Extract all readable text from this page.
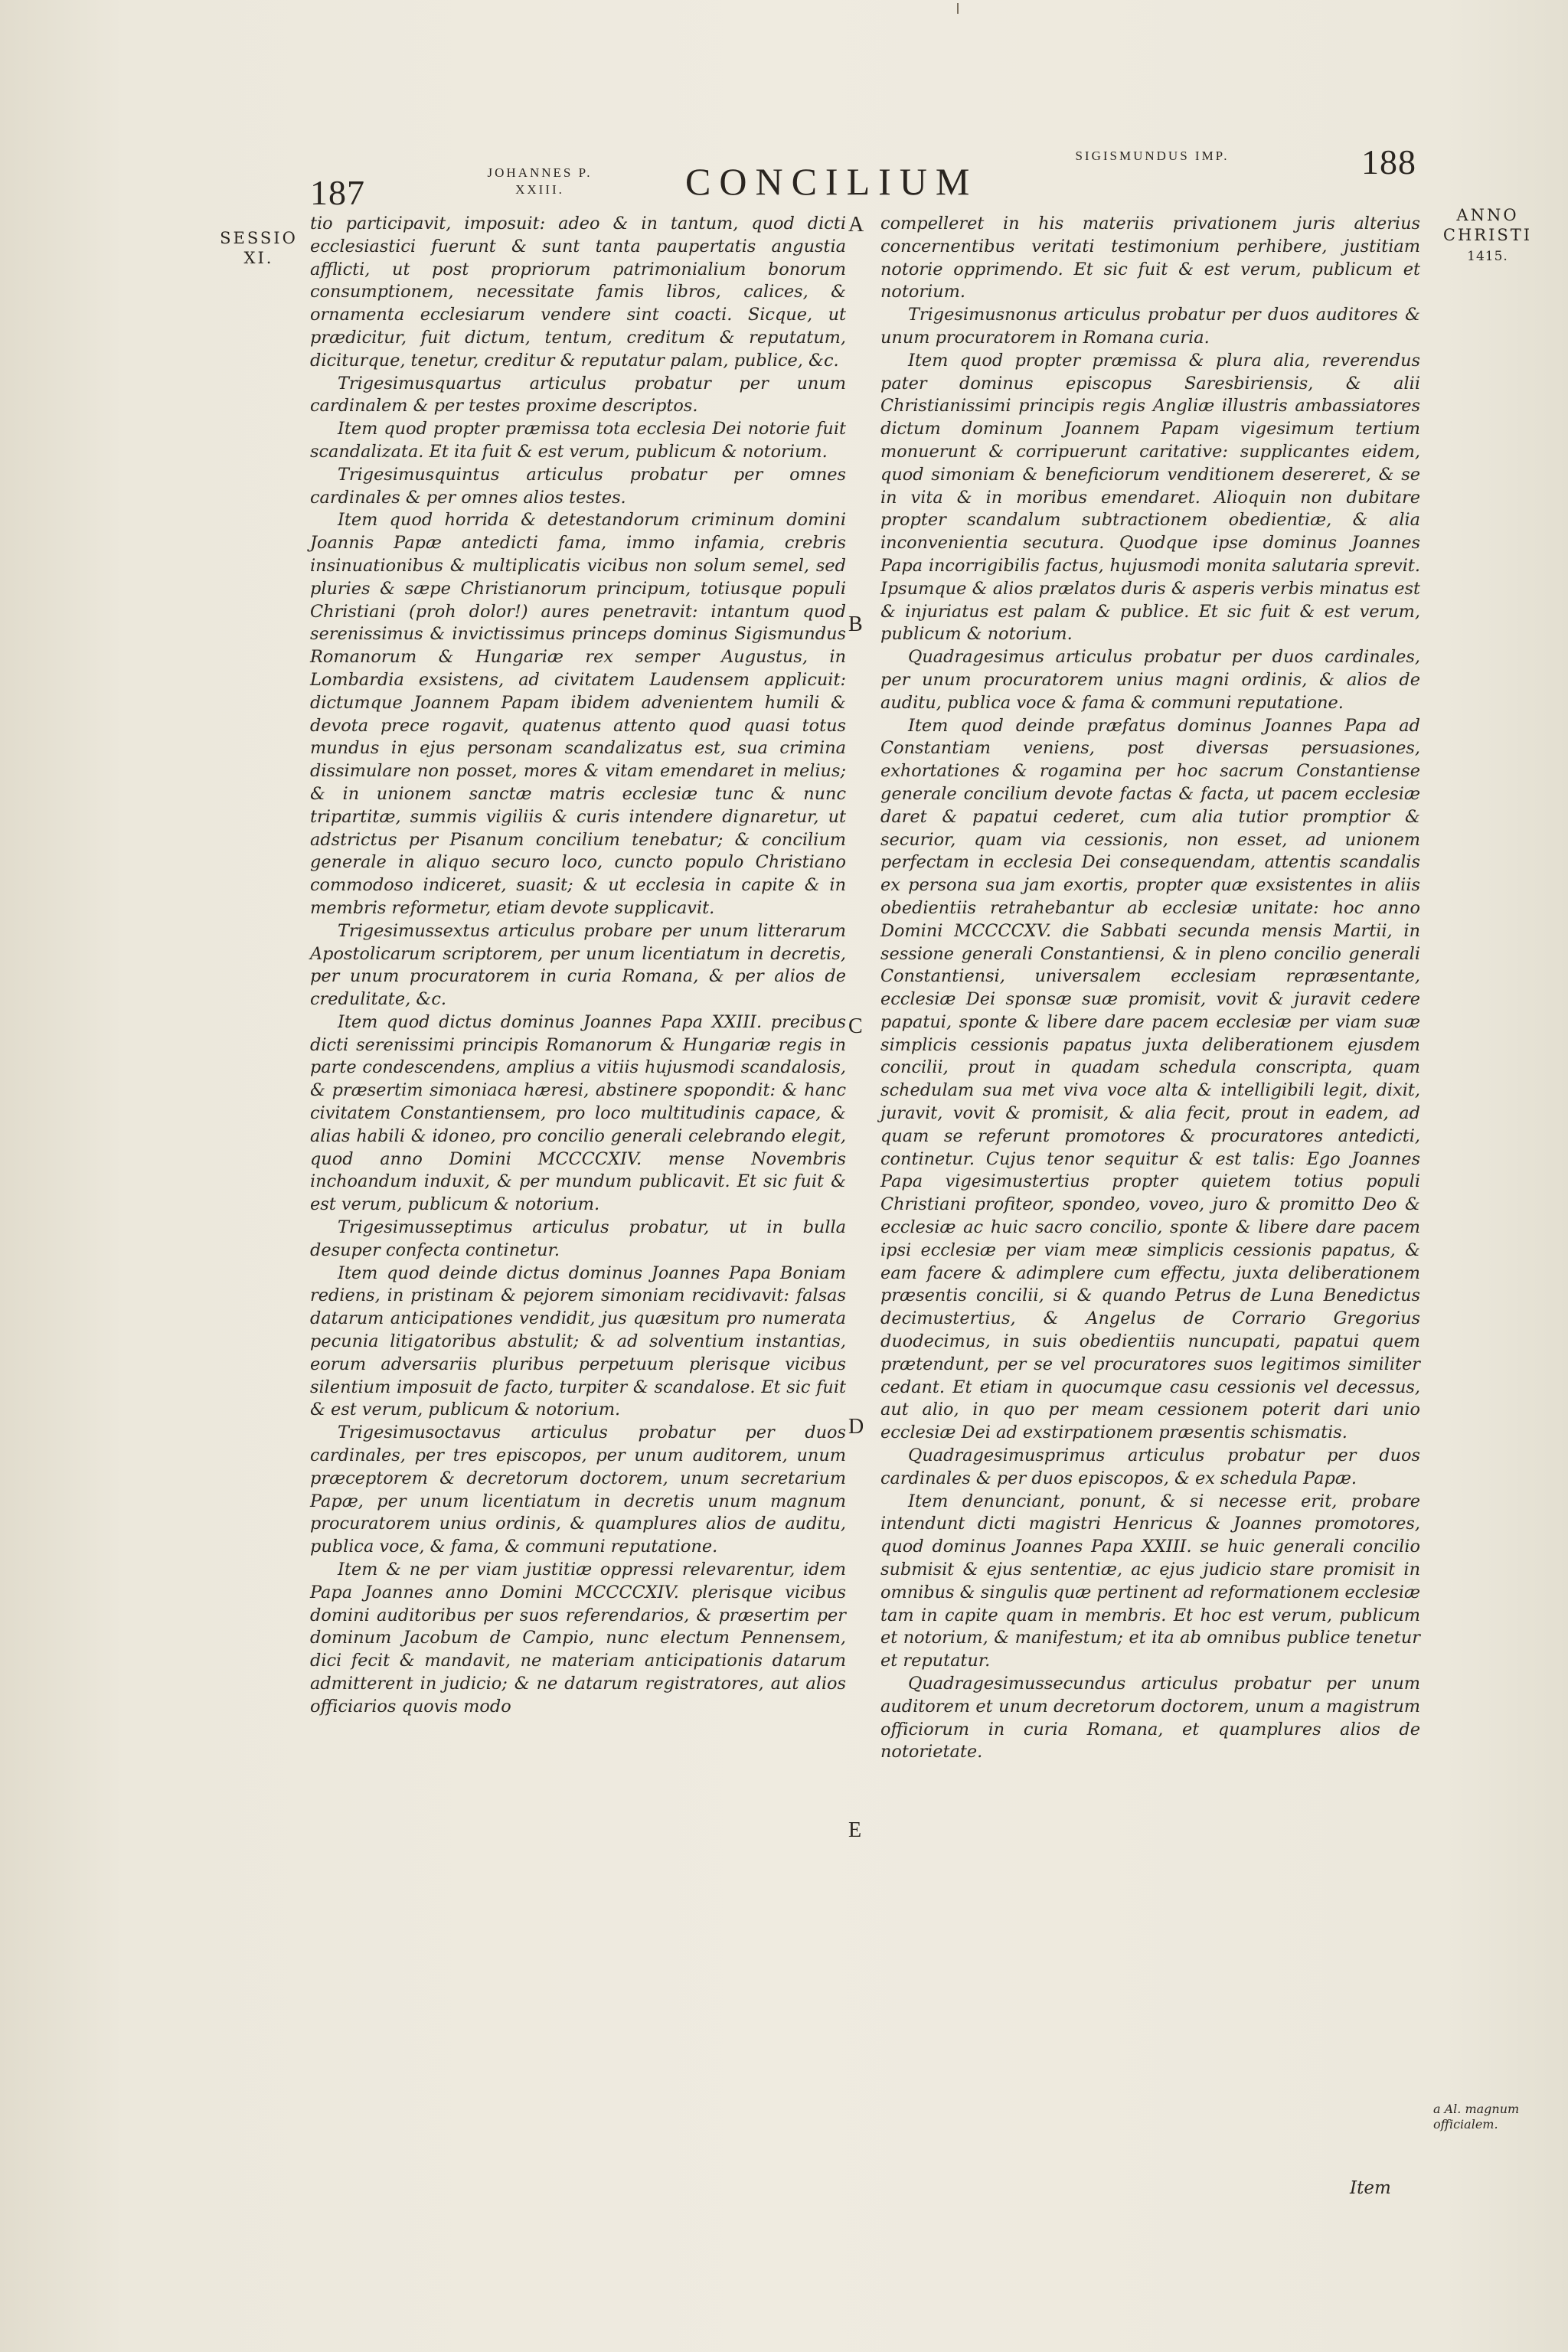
187
JOHANNES P. XXIII.	CONCILIUM
SIGISMUNDUS IMP.	188
SESSIO
XI.
ANNO
CHRISTI
1415.

tio participavit, imposuit: adeo & in tantum, quod dicti ecclesiastici fuerunt & sunt tanta paupertatis angustia afflicti, ut post propriorum patrimonialium bonorum consumptionem, necessitate famis libros, calices, & ornamenta ecclesiarum vendere sint coacti. Sicque, ut prædicitur, fuit dictum, tentum, creditum & reputatum, diciturque, tenetur, creditur & reputatur palam, publice, &c.

Trigesimusquartus articulus probatur per unum cardinalem & per testes proxime descriptos.

Item quod propter præmissa tota ecclesia Dei notorie fuit scandalizata. Et ita fuit & est verum, publicum & notorium.

Trigesimusquintus articulus probatur per omnes cardinales & per omnes alios testes.

Item quod horrida & detestandorum criminum domini Joannis Papæ antedicti fama, immo infamia, crebris insinuationibus & multiplicatis vicibus non solum semel, sed pluries & sæpe Christianorum principum, totiusque populi Christiani (proh dolor!) aures penetravit: intantum quod serenissimus & invictissimus princeps dominus Sigismundus Romanorum & Hungariæ rex semper Augustus, in Lombardia exsistens, ad civitatem Laudensem applicuit: dictumque Joannem Papam ibidem advenientem humili & devota prece rogavit, quatenus attento quod quasi totus mundus in ejus personam scandalizatus est, sua crimina dissimulare non posset, mores & vitam emendaret in melius; & in unionem sanctæ matris ecclesiæ tunc & nunc tripartitæ, summis vigiliis & curis intendere dignaretur, ut adstrictus per Pisanum concilium tenebatur; & concilium generale in aliquo securo loco, cuncto populo Christiano commodoso indiceret, suasit; & ut ecclesia in capite & in membris reformetur, etiam devote supplicavit.

Trigesimussextus articulus probare per unum litterarum Apostolicarum scriptorem, per unum licentiatum in decretis, per unum procuratorem in curia Romana, & per alios de credulitate, &c.

Item quod dictus dominus Joannes Papa XXIII. precibus dicti serenissimi principis Romanorum & Hungariæ regis in parte condescendens, amplius a vitiis hujusmodi scandalosis, & præsertim simoniaca hæresi, abstinere spopondit: & hanc civitatem Constantiensem, pro loco multitudinis capace, & alias habili & idoneo, pro concilio generali celebrando elegit, quod anno Domini MCCCCXIV. mense Novembris inchoandum induxit, & per mundum publicavit. Et sic fuit & est verum, publicum & notorium.

Trigesimusseptimus articulus probatur, ut in bulla desuper confecta continetur.

Item quod deinde dictus dominus Joannes Papa Boniam rediens, in pristinam & pejorem simoniam recidivavit: falsas datarum anticipationes vendidit, jus quæsitum pro numerata pecunia litigatoribus abstulit; & ad solventium instantias, eorum adversariis pluribus perpetuum plerisque vicibus silentium imposuit de facto, turpiter & scandalose. Et sic fuit & est verum, publicum & notorium.

Trigesimusoctavus articulus probatur per duos cardinales, per tres episcopos, per unum auditorem, unum præceptorem & decretorum doctorem, unum secretarium Papæ, per unum licentiatum in decretis unum magnum procuratorem unius ordinis, & quamplures alios de auditu, publica voce, & fama, & communi reputatione.

Item & ne per viam justitiæ oppressi relevarentur, idem Papa Joannes anno Domini MCCCCXIV. plerisque vicibus domini auditoribus per suos referendarios, & præsertim per dominum Jacobum de Campio, nunc electum Pennensem, dici fecit & mandavit, ne materiam anticipationis datarum admitterent in judicio; & ne datarum registratores, aut alios officiarios quovis modo

A
B
C
D
E

compelleret in his materiis privationem juris alterius concernentibus veritati testimonium perhibere, justitiam notorie opprimendo. Et sic fuit & est verum, publicum et notorium.

Trigesimusnonus articulus probatur per duos auditores & unum procuratorem in Romana curia.

Item quod propter præmissa & plura alia, reverendus pater dominus episcopus Saresbiriensis, & alii Christianissimi principis regis Angliæ illustris ambassiatores dictum dominum Joannem Papam vigesimum tertium monuerunt & corripuerunt caritative: supplicantes eidem, quod simoniam & beneficiorum venditionem desereret, & se in vita & in moribus emendaret. Alioquin non dubitare propter scandalum subtractionem obedientiæ, & alia inconvenientia secutura. Quodque ipse dominus Joannes Papa incorrigibilis factus, hujusmodi monita salutaria sprevit. Ipsumque & alios prælatos duris & asperis verbis minatus est & injuriatus est palam & publice. Et sic fuit & est verum, publicum & notorium.

Quadragesimus articulus probatur per duos cardinales, per unum procuratorem unius magni ordinis, & alios de auditu, publica voce & fama & communi reputatione.

Item quod deinde præfatus dominus Joannes Papa ad Constantiam veniens, post diversas persuasiones, exhortationes & rogamina per hoc sacrum Constantiense generale concilium devote factas & facta, ut pacem ecclesiæ daret & papatui cederet, cum alia tutior promptior & securior, quam via cessionis, non esset, ad unionem perfectam in ecclesia Dei consequendam, attentis scandalis ex persona sua jam exortis, propter quæ exsistentes in aliis obedientiis retrahebantur ab ecclesiæ unitate: hoc anno Domini MCCCCXV. die Sabbati secunda mensis Martii, in sessione generali Constantiensi, & in pleno concilio generali Constantiensi, universalem ecclesiam repræsentante, ecclesiæ Dei sponsæ suæ promisit, vovit & juravit cedere papatui, sponte & libere dare pacem ecclesiæ per viam suæ simplicis cessionis papatus juxta deliberationem ejusdem concilii, prout in quadam schedula conscripta, quam schedulam sua met viva voce alta & intelligibili legit, dixit, juravit, vovit & promisit, & alia fecit, prout in eadem, ad quam se referunt promotores & procuratores antedicti, continetur. Cujus tenor sequitur & est talis: Ego Joannes Papa vigesimustertius propter quietem totius populi Christiani profiteor, spondeo, voveo, juro & promitto Deo & ecclesiæ ac huic sacro concilio, sponte & libere dare pacem ipsi ecclesiæ per viam meæ simplicis cessionis papatus, & eam facere & adimplere cum effectu, juxta deliberationem præsentis concilii, si & quando Petrus de Luna Benedictus decimustertius, & Angelus de Corrario Gregorius duodecimus, in suis obedientiis nuncupati, papatui quem prætendunt, per se vel procuratores suos legitimos similiter cedant. Et etiam in quocumque casu cessionis vel decessus, aut alio, in quo per meam cessionem poterit dari unio ecclesiæ Dei ad exstirpationem præsentis schismatis.

Quadragesimusprimus articulus probatur per duos cardinales & per duos episcopos, & ex schedula Papæ.

Item denunciant, ponunt, & si necesse erit, probare intendunt dicti magistri Henricus & Joannes promotores, quod dominus Joannes Papa XXIII. se huic generali concilio submisit & ejus sententiæ, ac ejus judicio stare promisit in omnibus & singulis quæ pertinent ad reformationem ecclesiæ tam in capite quam in membris. Et hoc est verum, publicum et notorium, & manifestum; et ita ab omnibus publice tenetur et reputatur.

Quadragesimussecundus articulus probatur per unum auditorem et unum decretorum doctorem, unum a magistrum officiorum in curia Romana, et quamplures alios de notorietate.

a Al. magnum officialem.
Item
